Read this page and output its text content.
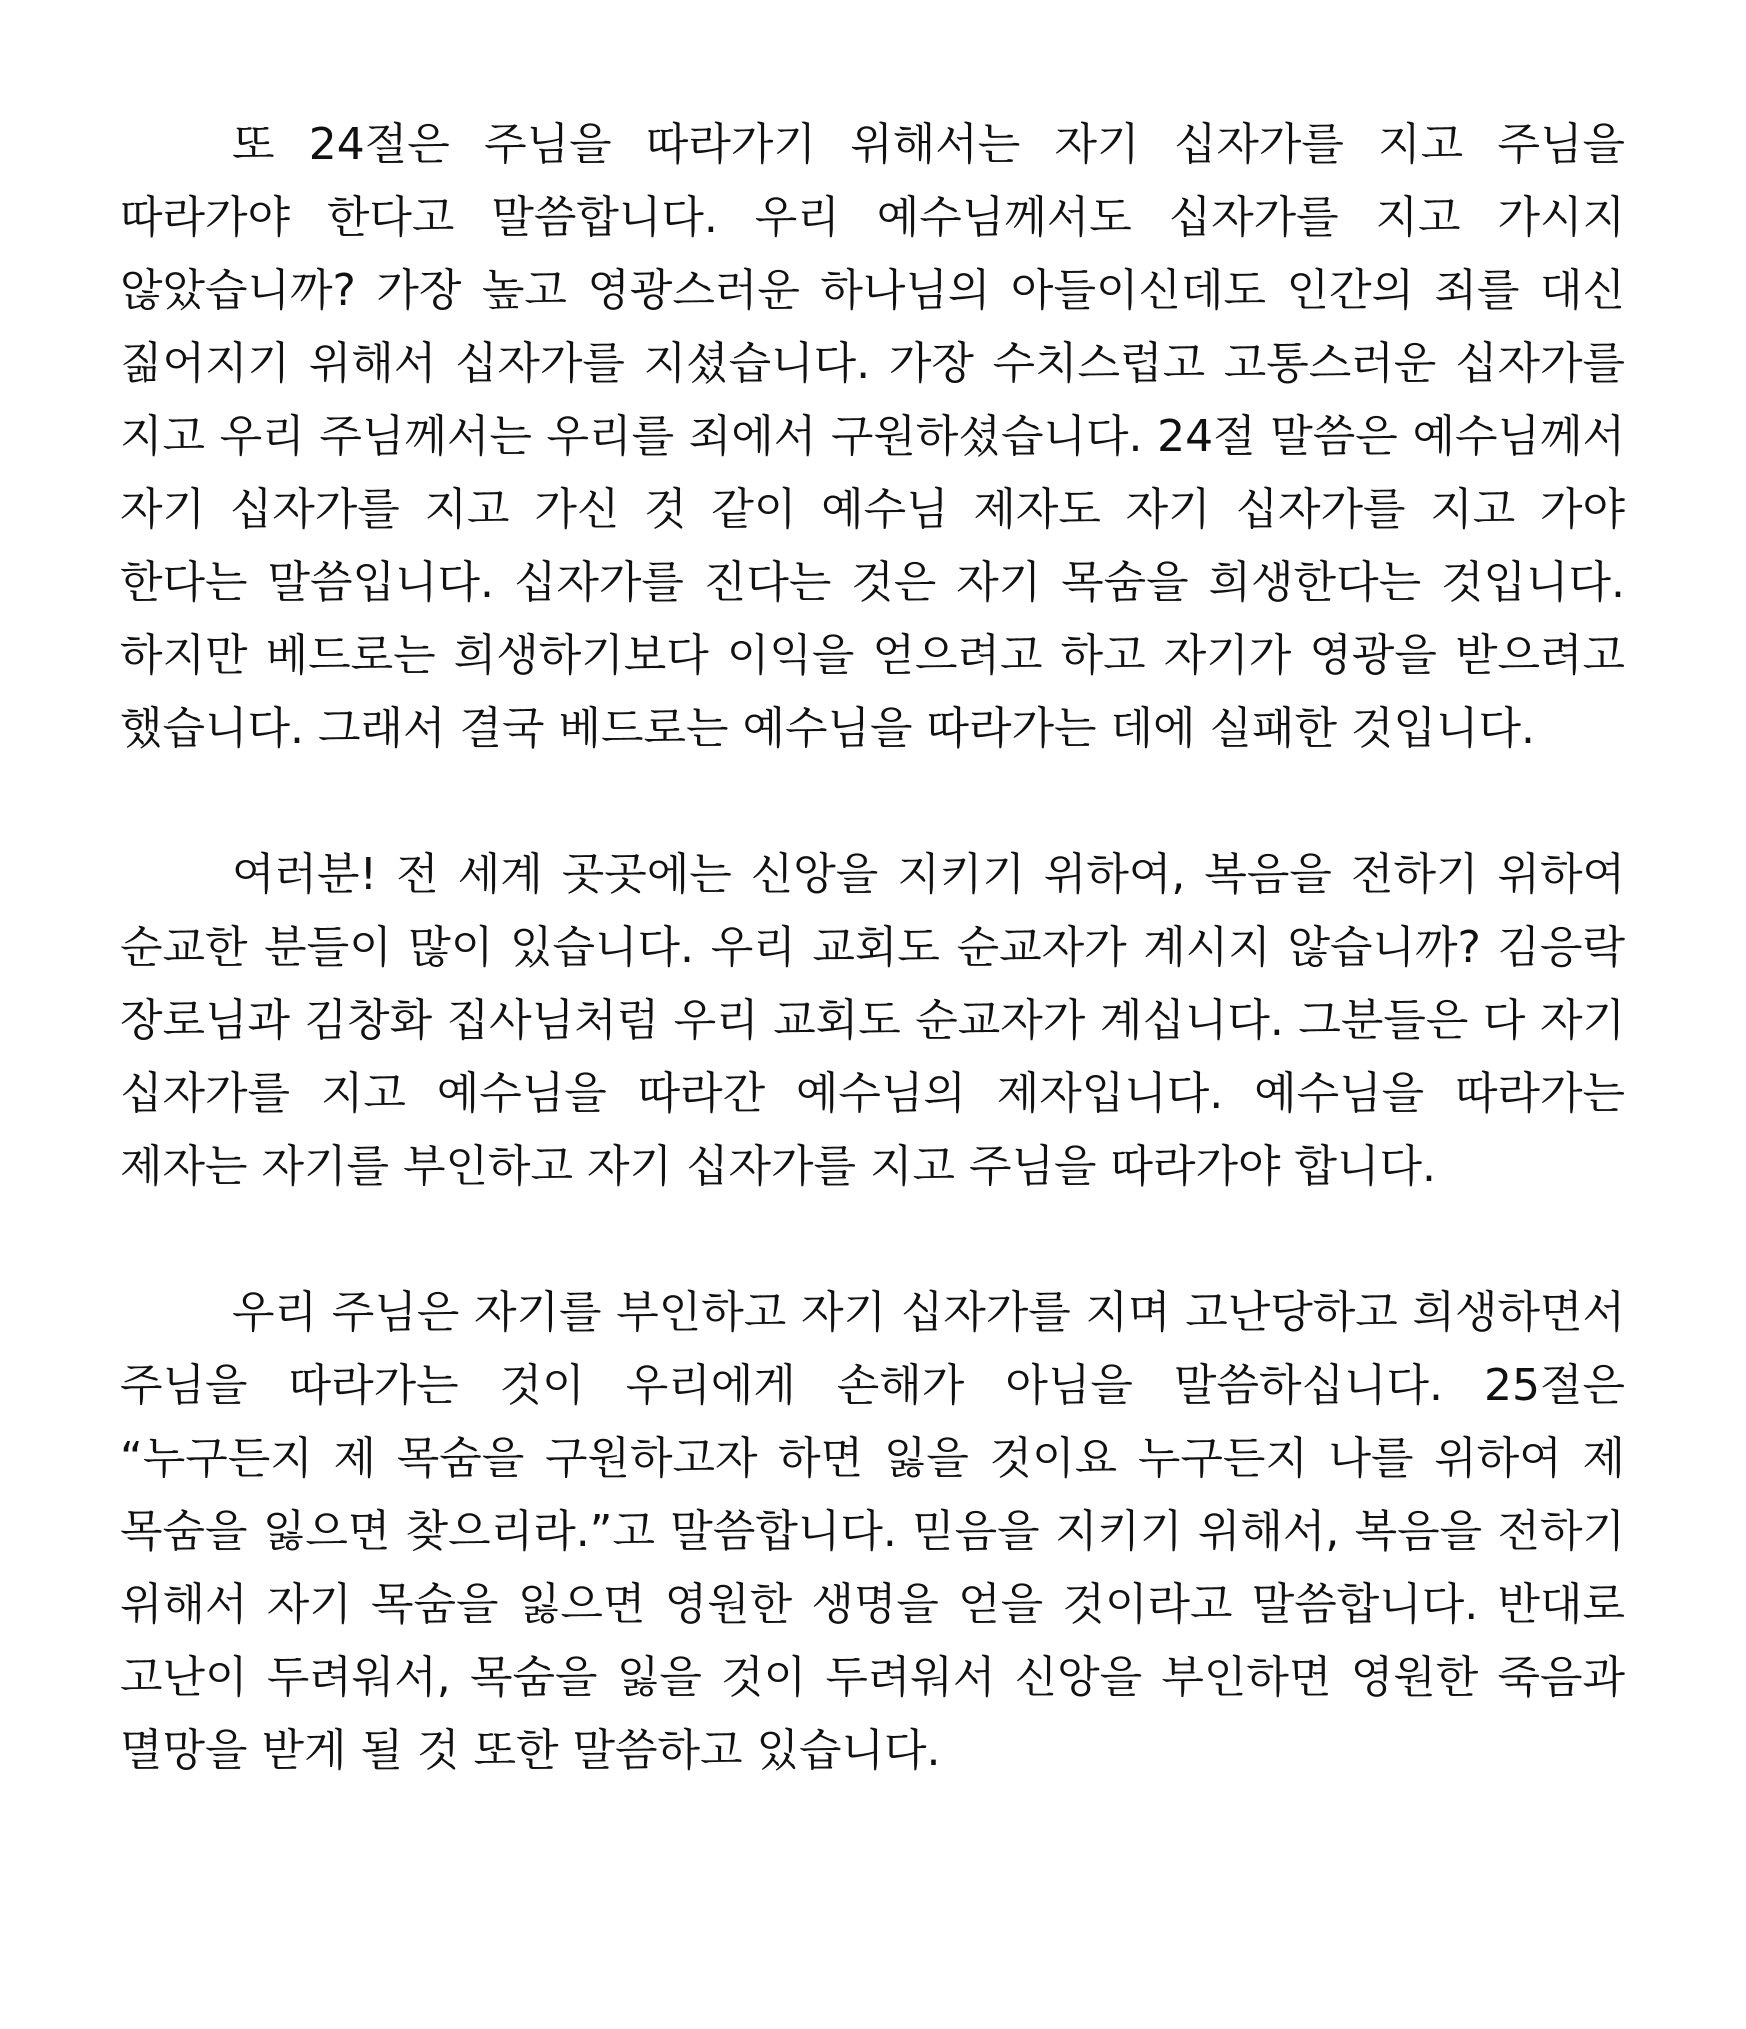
또 24절은 주님을 따라가기 위해서는 자기 십자가를 지고 주님을 따라가야 한다고 말씀합니다. 우리 예수님께서도 십자가를 지고 가시지 않았습니까? 가장 높고 영광스러운 하나님의 아들이신데도 인간의 죄를 대신 짊어지기 위해서 십자가를 지셨습니다. 가장 수치스럽고 고통스러운 십자가를 지고 우리 주님께서는 우리를 죄에서 구원하셨습니다. 24절 말씀은 예수님께서 자기 십자가를 지고 가신 것 같이 예수님 제자도 자기 십자가를 지고 가야 한다는 말씀입니다. 십자가를 진다는 것은 자기 목숨을 희생한다는 것입니다. 하지만 베드로는 희생하기보다 이익을 얻으려고 하고 자기가 영광을 받으려고 했습니다. 그래서 결국 베드로는 예수님을 따라가는 데에 실패한 것입니다.

여러분! 전 세계 곳곳에는 신앙을 지키기 위하여, 복음을 전하기 위하여 순교한 분들이 많이 있습니다. 우리 교회도 순교자가 계시지 않습니까? 김응락 장로님과 김창화 집사님처럼 우리 교회도 순교자가 계십니다. 그분들은 다 자기 십자가를 지고 예수님을 따라간 예수님의 제자입니다. 예수님을 따라가는 제자는 자기를 부인하고 자기 십자가를 지고 주님을 따라가야 합니다.

우리 주님은 자기를 부인하고 자기 십자가를 지며 고난당하고 희생하면서 주님을 따라가는 것이 우리에게 손해가 아님을 말씀하십니다. 25절은 “누구든지 제 목숨을 구원하고자 하면 잃을 것이요 누구든지 나를 위하여 제 목숨을 잃으면 찾으리라.”고 말씀합니다. 믿음을 지키기 위해서, 복음을 전하기 위해서 자기 목숨을 잃으면 영원한 생명을 얻을 것이라고 말씀합니다. 반대로 고난이 두려워서, 목숨을 잃을 것이 두려워서 신앙을 부인하면 영원한 죽음과 멸망을 받게 될 것 또한 말씀하고 있습니다.
